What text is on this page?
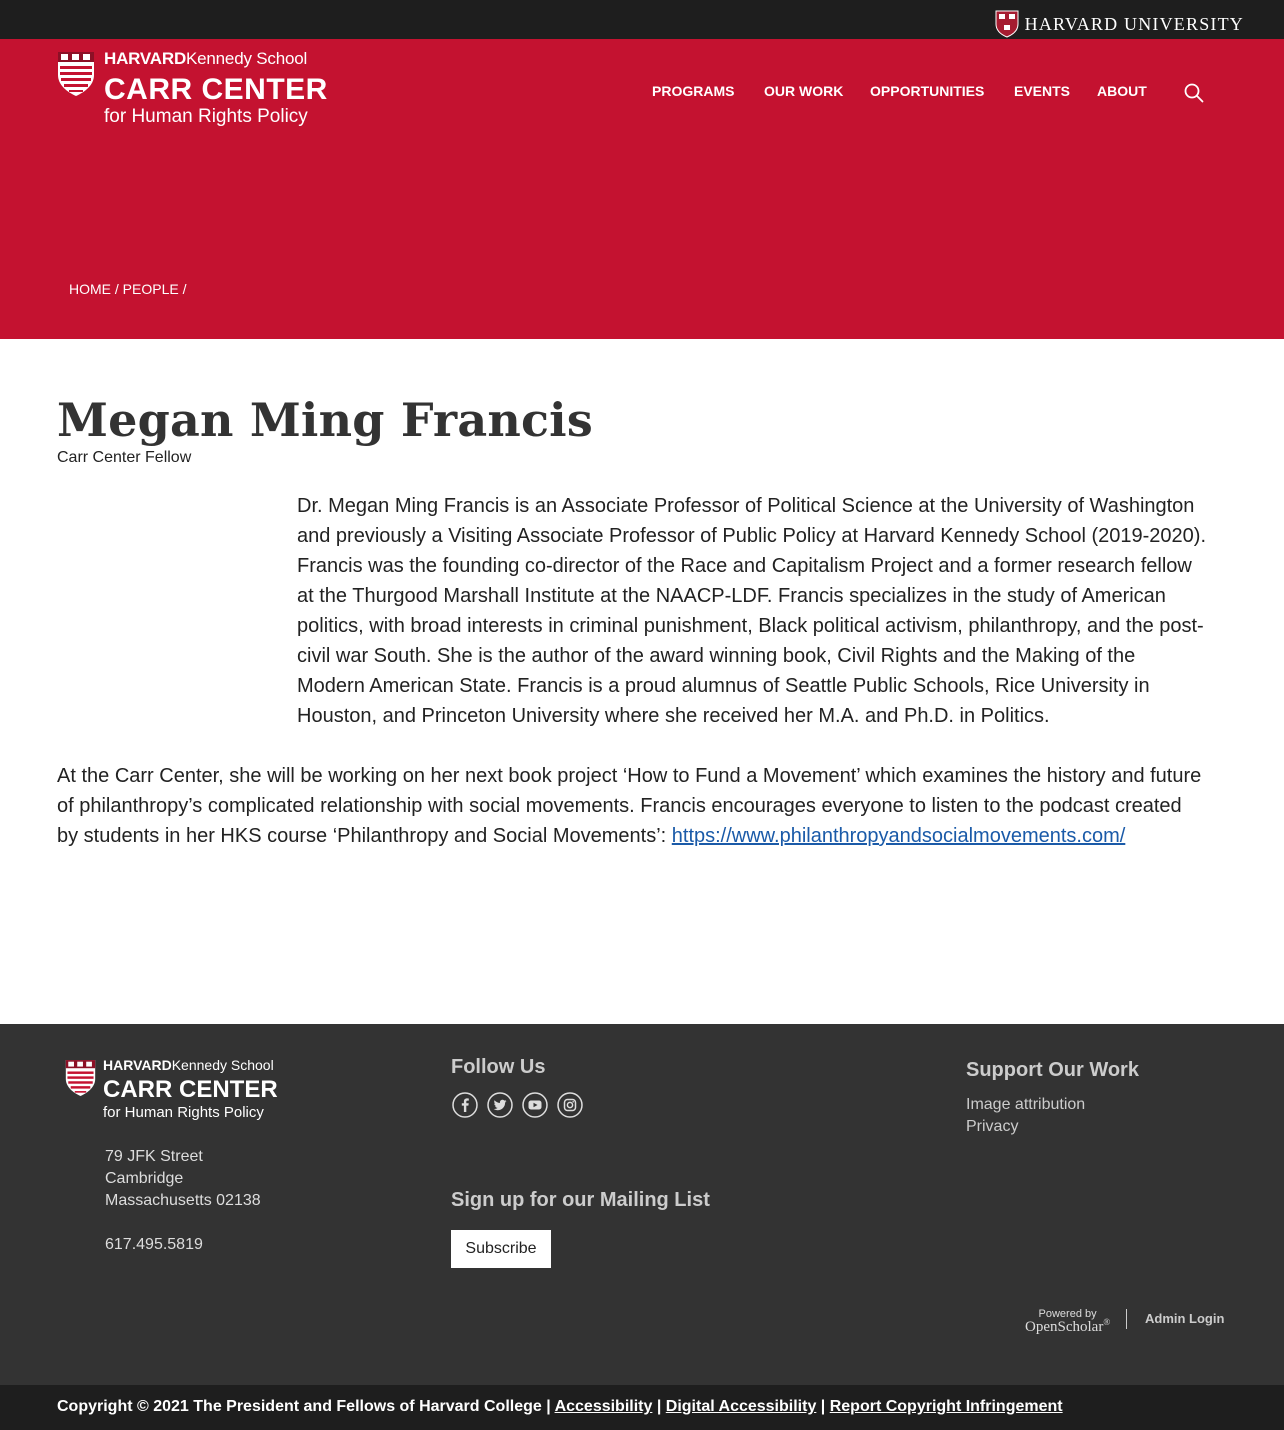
HARVARD UNIVERSITY
HARVARDKennedy School
CARR CENTER
for Human Rights Policy
PROGRAMS OUR WORK OPPORTUNITIES EVENTS ABOUT
HOME / PEOPLE /
Megan Ming Francis
Carr Center Fellow

Dr. Megan Ming Francis is an Associate Professor of Political Science at the University of Washington and previously a Visiting Associate Professor of Public Policy at Harvard Kennedy School (2019-2020). Francis was the founding co-director of the Race and Capitalism Project and a former research fellow at the Thurgood Marshall Institute at the NAACP-LDF. Francis specializes in the study of American politics, with broad interests in criminal punishment, Black political activism, philanthropy, and the post-civil war South. She is the author of the award winning book, Civil Rights and the Making of the Modern American State. Francis is a proud alumnus of Seattle Public Schools, Rice University in Houston, and Princeton University where she received her M.A. and Ph.D. in Politics.

At the Carr Center, she will be working on her next book project ‘How to Fund a Movement’ which examines the history and future of philanthropy’s complicated relationship with social movements. Francis encourages everyone to listen to the podcast created by students in her HKS course ‘Philanthropy and Social Movements’: https://www.philanthropyandsocialmovements.com/

HARVARDKennedy School
CARR CENTER
for Human Rights Policy
79 JFK Street
Cambridge
Massachusetts 02138
617.495.5819
Follow Us
Sign up for our Mailing List
Subscribe
Support Our Work
Image attribution
Privacy
Powered by
OpenScholar®	Admin Login
Copyright © 2021 The President and Fellows of Harvard College | Accessibility | Digital Accessibility | Report Copyright Infringement
